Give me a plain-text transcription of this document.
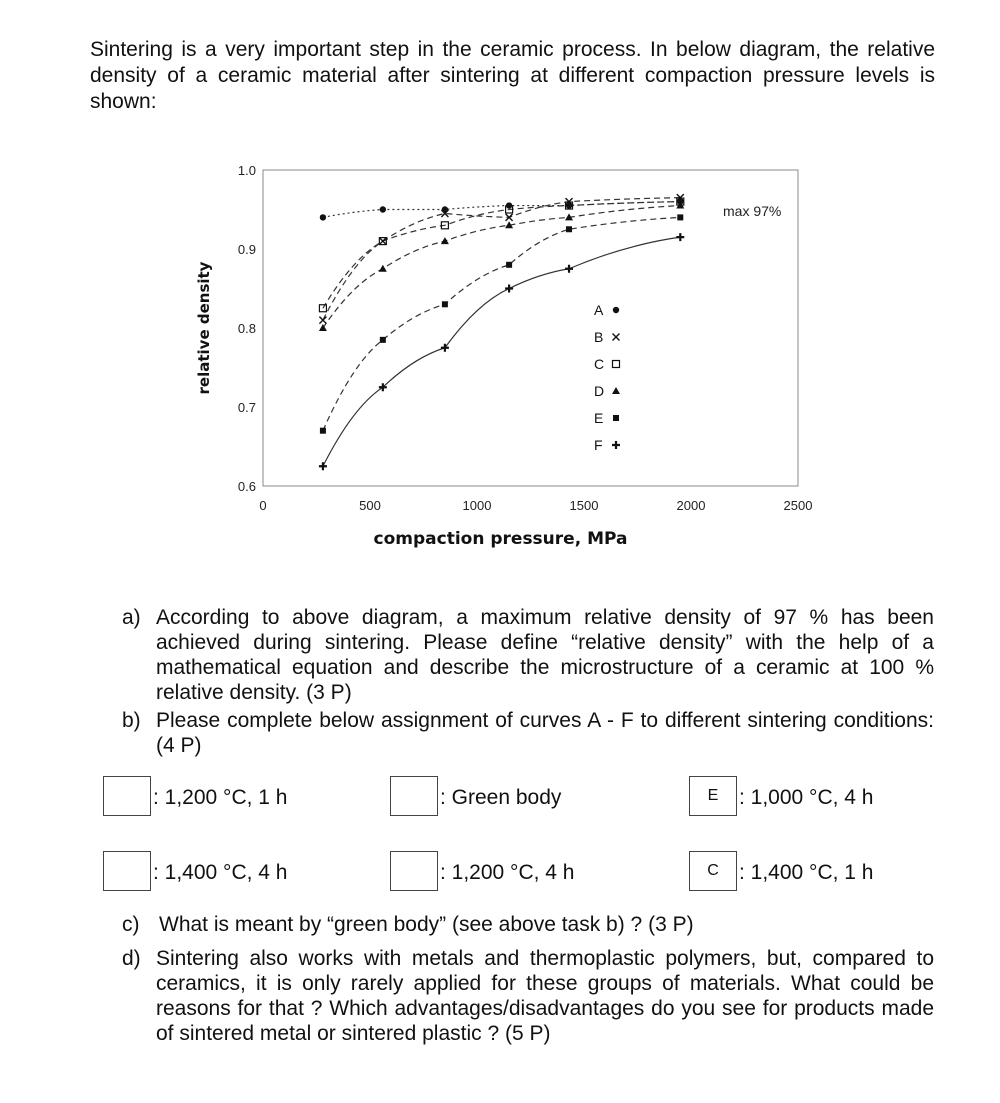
Sintering is a very important step in the ceramic process. In below diagram, the relative density of a ceramic material after sintering at different compaction pressure levels is shown:

0.6
0.7
0.8
0.9
1.0
0	500	1000	1500	2000	2500
A
B
C
D
E
F
max 97%
relative density
compaction pressure, MPa
a) According to above diagram, a maximum relative density of 97 % has been achieved during sintering. Please define “relative density” with the help of a mathematical equation and describe the microstructure of a ceramic at 100 % relative density. (3 P)
b) Please complete below assignment of curves A - F to different sintering conditions: (4 P)
: 1,200 °C, 1 h	: Green body	E : 1,000 °C, 4 h
: 1,400 °C, 4 h	: 1,200 °C, 4 h	C : 1,400 °C, 1 h
c) What is meant by “green body” (see above task b) ? (3 P)
d) Sintering also works with metals and thermoplastic polymers, but, compared to ceramics, it is only rarely applied for these groups of materials. What could be reasons for that ? Which advantages/disadvantages do you see for products made of sintered metal or sintered plastic ? (5 P)
